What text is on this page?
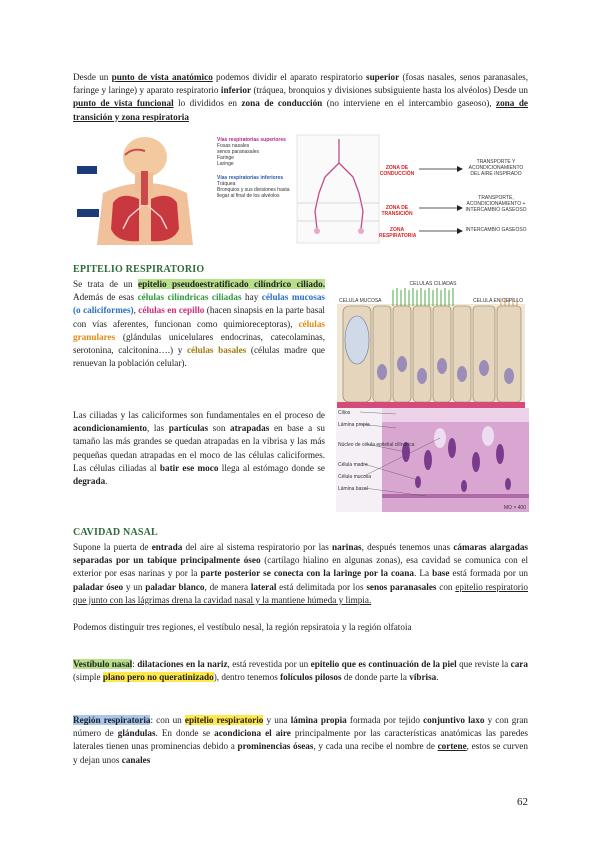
Desde un punto de vista anatómico podemos dividir el aparato respiratorio superior (fosas nasales, senos paranasales, faringe y laringe) y aparato respiratorio inferior (tráquea, bronquios y divisiones subsiguiente hasta los alvéolos) Desde un punto de vista funcional lo divididos en zona de conducción (no interviene en el intercambio gaseoso), zona de transición y zona respiratoria
Vías respiratorias superiores
Fosas nasales
senos paranasales
Faringe
Laringe
Vías respiratorias inferiores
Tráquea
Bronquios y sus divisiones hasta llegar al final de los alvéolos
ZONA DE CONDUCCIÓN
ZONA DE TRANSICIÓN
ZONA RESPIRATORIA
TRANSPORTE Y ACONDICIONAMIENTO DEL AIRE INSPIRADO
TRANSPORTE, ACONDICIONAMIENTO + INTERCAMBIO GASEOSO
INTERCAMBIO GASEOSO
EPITELIO RESPIRATORIO
Se trata de un epitelio pseudoestratificado cilíndrico ciliado. Además de esas células cilíndricas ciliadas hay células mucosas (o caliciformes), células en cepillo (hacen sinapsis en la parte basal con vías aferentes, funcionan como quimioreceptoras), células granulares (glándulas unicelulares endocrinas, catecolaminas, serotonina, calcitonina….) y células basales (células madre que renuevan la población celular).
Las ciliadas y las caliciformes son fundamentales en el proceso de acondicionamiento, las partículas son atrapadas en base a su tamaño las más grandes se quedan atrapadas en la vibrisa y las más pequeñas quedan atrapadas en el moco de las células caliciformes. Las células ciliadas al batir ese moco llega al estómago donde se degrada.
CELULAS CILIADAS
CELULA MUCOSA	CELULA EN CEPILLO
Cilios
Lámina propia
Núcleo de célula epitelial cilíndrica
Célula madre
Célula mucosa
Lámina basal
MO × 400
CAVIDAD NASAL
Supone la puerta de entrada del aire al sistema respiratorio por las narinas, después tenemos unas cámaras alargadas separadas por un tabique principalmente óseo (cartílago hialino en algunas zonas), esa cavidad se comunica con el exterior por esas narinas y por la parte posterior se conecta con la laringe por la coana. La base está formada por un paladar óseo y un paladar blanco, de manera lateral está delimitada por los senos paranasales con epitelio respiratorio que junto con las lágrimas drena la cavidad nasal y la mantiene húmeda y limpia.
Podemos distinguir tres regiones, el vestíbulo nesal, la región repsiratoia y la región olfatoia
Vestíbulo nasal: dilataciones en la nariz, está revestida por un epitelio que es continuación de la piel que reviste la cara (simple plano pero no queratinizado), dentro tenemos folículos pilosos de donde parte la vibrisa.
Región respiratoria: con un epitelio respiratorio y una lámina propia formada por tejido conjuntivo laxo y con gran número de glándulas. En donde se acondiciona el aire principalmente por las características anatómicas las paredes laterales tienen unas prominencias debido a prominencias óseas, y cada una recibe el nombre de cortene, estos se curven y dejan unos canales
62
